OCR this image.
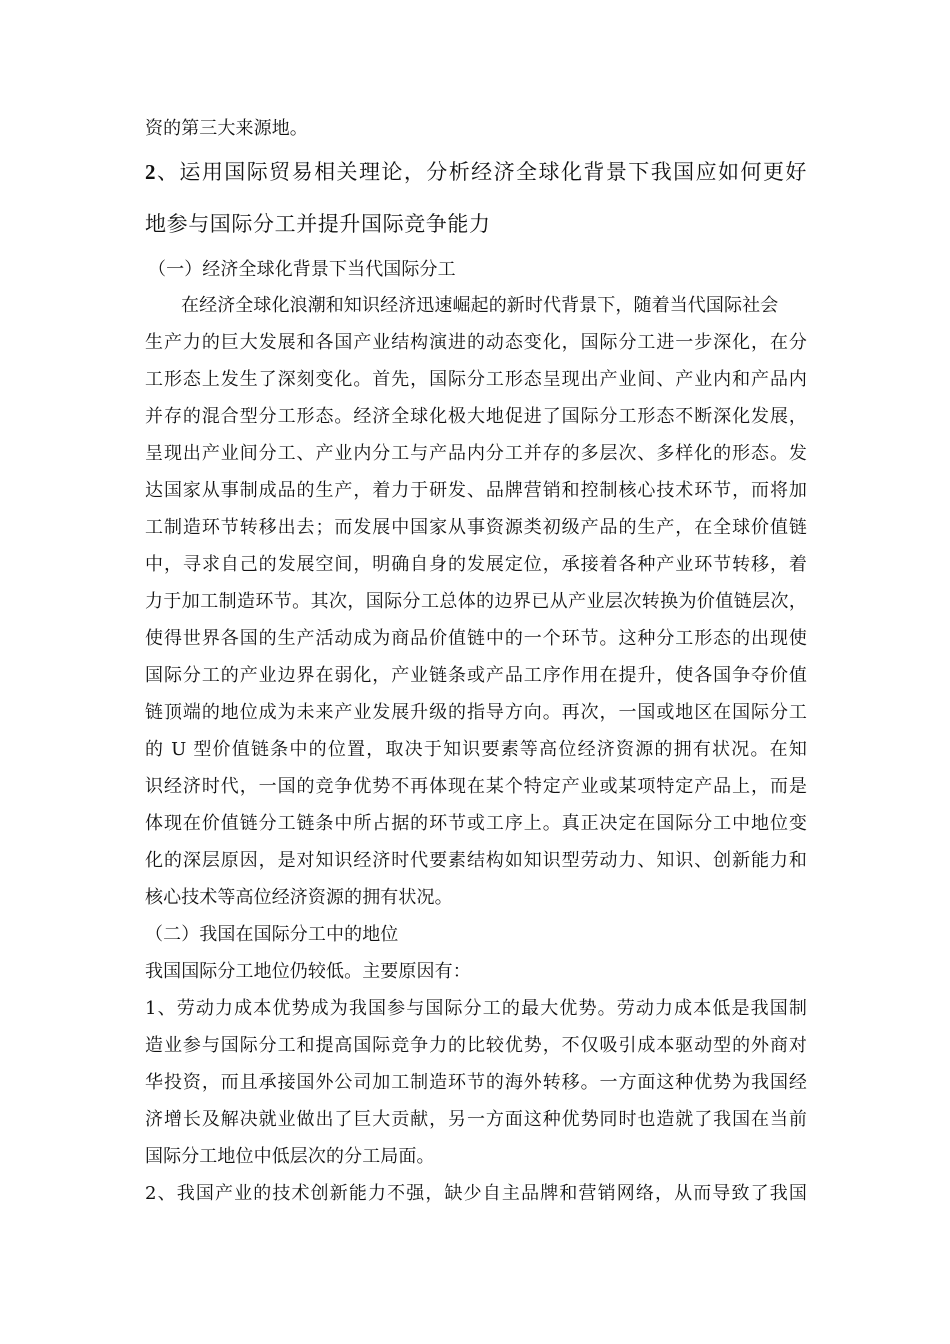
资的第三大来源地。
2、运用国际贸易相关理论，分析经济全球化背景下我国应如何更好
地参与国际分工并提升国际竞争能力
（一）经济全球化背景下当代国际分工
在经济全球化浪潮和知识经济迅速崛起的新时代背景下，随着当代国际社会
生产力的巨大发展和各国产业结构演进的动态变化，国际分工进一步深化，在分
工形态上发生了深刻变化。首先，国际分工形态呈现出产业间、产业内和产品内
并存的混合型分工形态。经济全球化极大地促进了国际分工形态不断深化发展，
呈现出产业间分工、产业内分工与产品内分工并存的多层次、多样化的形态。发
达国家从事制成品的生产，着力于研发、品牌营销和控制核心技术环节，而将加
工制造环节转移出去；而发展中国家从事资源类初级产品的生产，在全球价值链
中，寻求自己的发展空间，明确自身的发展定位，承接着各种产业环节转移，着
力于加工制造环节。其次，国际分工总体的边界已从产业层次转换为价值链层次，
使得世界各国的生产活动成为商品价值链中的一个环节。这种分工形态的出现使
国际分工的产业边界在弱化，产业链条或产品工序作用在提升，使各国争夺价值
链顶端的地位成为未来产业发展升级的指导方向。再次，一国或地区在国际分工
的 U 型价值链条中的位置，取决于知识要素等高位经济资源的拥有状况。在知
识经济时代，一国的竞争优势不再体现在某个特定产业或某项特定产品上，而是
体现在价值链分工链条中所占据的环节或工序上。真正决定在国际分工中地位变
化的深层原因，是对知识经济时代要素结构如知识型劳动力、知识、创新能力和
核心技术等高位经济资源的拥有状况。
（二）我国在国际分工中的地位
我国国际分工地位仍较低。主要原因有：
1、劳动力成本优势成为我国参与国际分工的最大优势。劳动力成本低是我国制
造业参与国际分工和提高国际竞争力的比较优势，不仅吸引成本驱动型的外商对
华投资，而且承接国外公司加工制造环节的海外转移。一方面这种优势为我国经
济增长及解决就业做出了巨大贡献，另一方面这种优势同时也造就了我国在当前
国际分工地位中低层次的分工局面。
2、我国产业的技术创新能力不强，缺少自主品牌和营销网络，从而导致了我国
